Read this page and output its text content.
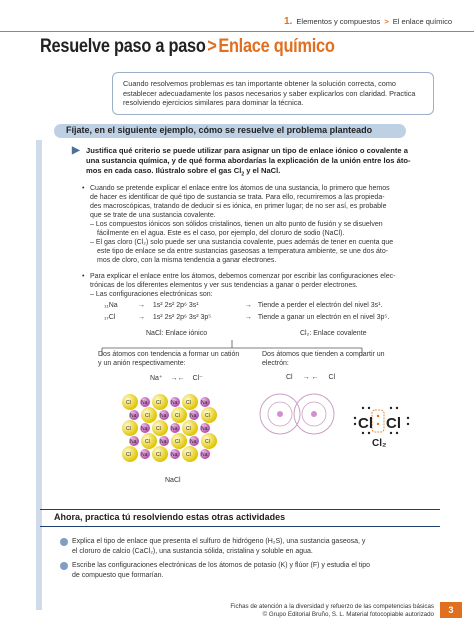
1. Elementos y compuestos > El enlace químico
Resuelve paso a paso>Enlace químico
Cuando resolvemos problemas es tan importante obtener la solución correcta, como establecer adecuadamente los pasos necesarios y saber explicarlos con claridad. Practica resolviendo ejercicios similares para dominar la técnica.
Fíjate, en el siguiente ejemplo, cómo se resuelve el problema planteado
▶ Justifica qué criterio se puede utilizar para asignar un tipo de enlace iónico o covalente a
una sustancia química, y de qué forma abordarías la explicación de la unión entre los áto-
mos en cada caso. Ilústralo sobre el gas $Cl_2$ y el NaCl.
• Cuando se pretende explicar el enlace entre los átomos de una sustancia, lo primero que hemos
de hacer es identificar de qué tipo de sustancia se trata. Para ello, recurriremos a las propieda-
des macroscópicas, tratando de deducir si es iónica, en primer lugar; de no ser así, es probable
que se trate de una sustancia covalente.
– Los compuestos iónicos son sólidos cristalinos, tienen un alto punto de fusión y se disuelven
fácilmente en el agua. Este es el caso, por ejemplo, del cloruro de sodio (NaCl).
– El gas cloro (Cl₂) solo puede ser una sustancia covalente, pues además de tener en cuenta que
este tipo de enlace se da entre sustancias gaseosas a temperatura ambiente, se une dos áto-
mos de cloro, con la misma tendencia a ganar electrones.
• Para explicar el enlace entre los átomos, debemos comenzar por escribir las configuraciones elec-
trónicas de los diferentes elementos y ver sus tendencias a ganar o perder electrones.
– Las configuraciones electrónicas son:
₁₁Na	→ 1s² 2s² 2p⁶ 3s¹	→ Tiende a perder el electrón del nivel 3s¹.
₁₇Cl	→ 1s² 2s² 2p⁶ 3s² 3p⁵	→ Tiende a ganar un electrón en el nivel 3p⁵.
NaCl: Enlace iónico	Cl₂: Enlace covalente
Dos átomos con tendencia a formar un catión
y un anión respectivamente:
Dos átomos que tienden a compartir un
electrón:
Na⁺ →← Cl⁻	Cl → ← Cl
Cl Na Cl Na Cl Na
Na Cl Na Cl Na Cl
Cl Na Cl Na Cl Na
Na Cl Na Cl Na Cl
Cl Na Cl Na Cl Na
NaCl
Cl Cl
Cl₂
Ahora, practica tú resolviendo estas otras actividades
Explica el tipo de enlace que presenta el sulfuro de hidrógeno (H₂S), una sustancia gaseosa, y
el cloruro de calcio (CaCl₂), una sustancia sólida, cristalina y soluble en agua.
Escribe las configuraciones electrónicas de los átomos de potasio (K) y flúor (F) y estudia el tipo
de compuesto que formarían.
Fichas de atención a la diversidad y refuerzo de las competencias básicas
© Grupo Editorial Bruño, S. L. Material fotocopiable autorizado	3
